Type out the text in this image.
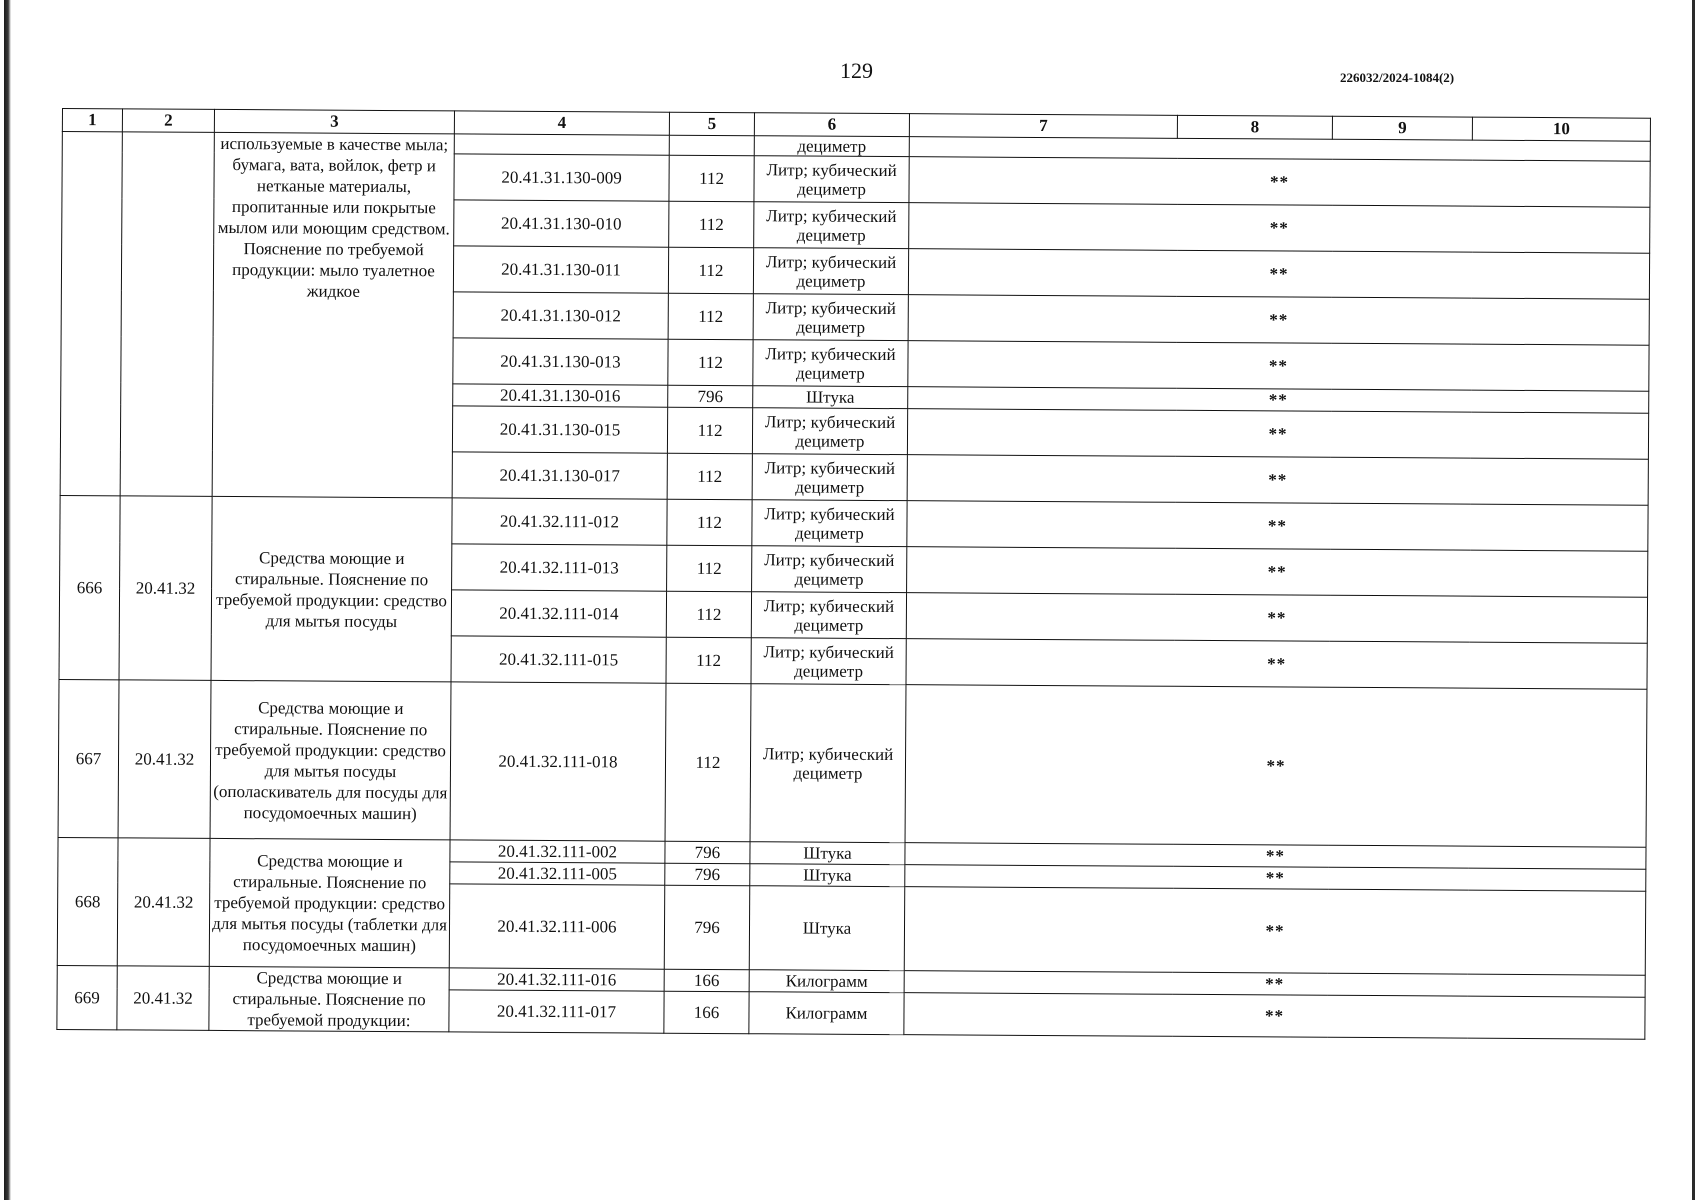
129	226032/2024-1084(2)
1	2	3	4	5	6	7	8	9	10
		используемые в качестве мыла; бумага, вата, войлок, фетр и нетканые материалы, пропитанные или покрытые мылом или моющим средством. Пояснение по требуемой продукции: мыло туалетное жидкое			дециметр				
			20.41.31.130-009	112	Литр; кубический дециметр	**			
			20.41.31.130-010	112	Литр; кубический дециметр	**			
			20.41.31.130-011	112	Литр; кубический дециметр	**			
			20.41.31.130-012	112	Литр; кубический дециметр	**			
			20.41.31.130-013	112	Литр; кубический дециметр	**			
			20.41.31.130-016	796	Штука	**			
			20.41.31.130-015	112	Литр; кубический дециметр	**			
			20.41.31.130-017	112	Литр; кубический дециметр	**			
666	20.41.32	Средства моющие и стиральные. Пояснение по требуемой продукции: средство для мытья посуды	20.41.32.111-012	112	Литр; кубический дециметр	**			
			20.41.32.111-013	112	Литр; кубический дециметр	**			
			20.41.32.111-014	112	Литр; кубический дециметр	**			
			20.41.32.111-015	112	Литр; кубический дециметр	**			
667	20.41.32	Средства моющие и стиральные. Пояснение по требуемой продукции: средство для мытья посуды (ополаскиватель для посуды для посудомоечных машин)	20.41.32.111-018	112	Литр; кубический дециметр	**			
668	20.41.32	Средства моющие и стиральные. Пояснение по требуемой продукции: средство для мытья посуды (таблетки для посудомоечных машин)	20.41.32.111-002	796	Штука	**			
			20.41.32.111-005	796	Штука	**			
			20.41.32.111-006	796	Штука	**			
669	20.41.32	Средства моющие и стиральные. Пояснение по требуемой продукции:	20.41.32.111-016	166	Килограмм	**			
			20.41.32.111-017	166	Килограмм	**			
